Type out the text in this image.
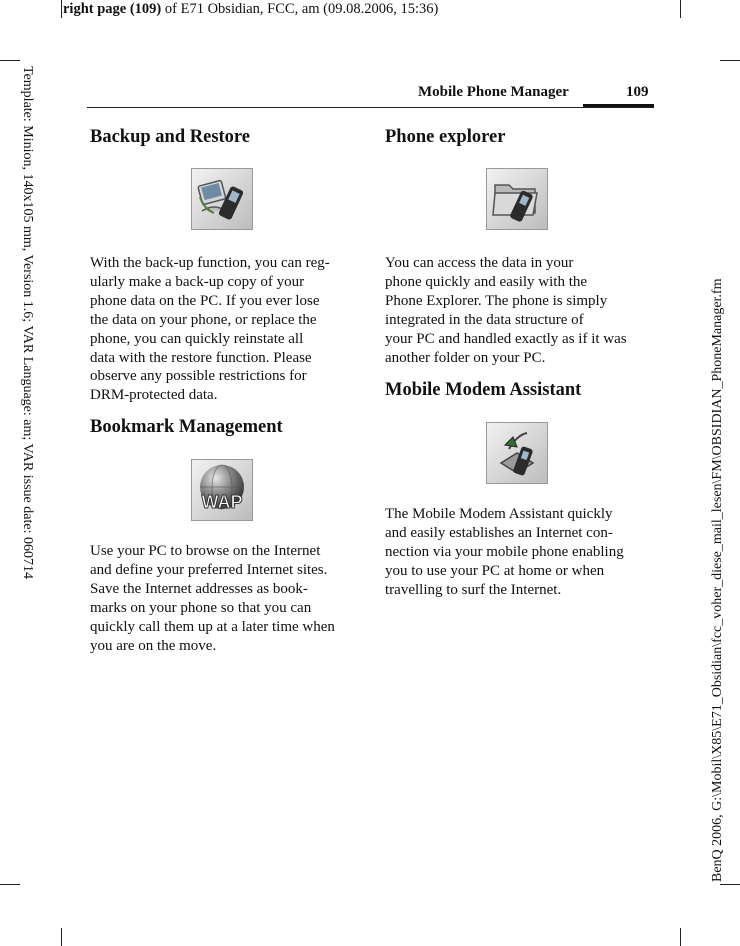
right page (109) of E71 Obsidian, FCC, am (09.08.2006, 15:36)
Template: Minion, 140x105 mm, Version 1.6; VAR Language: am; VAR issue date: 060714	BenQ 2006, G:\Mobil\X85\E71_Obsidian\fcc_voher_diese_mail_lesen\FM\OBSIDIAN_PhoneManager.fm
Mobile Phone Manager	109
Backup and Restore

With the back-up function, you can reg-
ularly make a back-up copy of your
phone data on the PC. If you ever lose
the data on your phone, or replace the
phone, you can quickly reinstate all
data with the restore function. Please
observe any possible restrictions for
DRM-protected data.

Bookmark Management
WAP

Use your PC to browse on the Internet
and define your preferred Internet sites.
Save the Internet addresses as book-
marks on your phone so that you can
quickly call them up at a later time when
you are on the move.

Phone explorer

You can access the data in your
phone quickly and easily with the
Phone Explorer. The phone is simply
integrated in the data structure of
your PC and handled exactly as if it was
another folder on your PC.

Mobile Modem Assistant

The Mobile Modem Assistant quickly
and easily establishes an Internet con-
nection via your mobile phone enabling
you to use your PC at home or when
travelling to surf the Internet.
